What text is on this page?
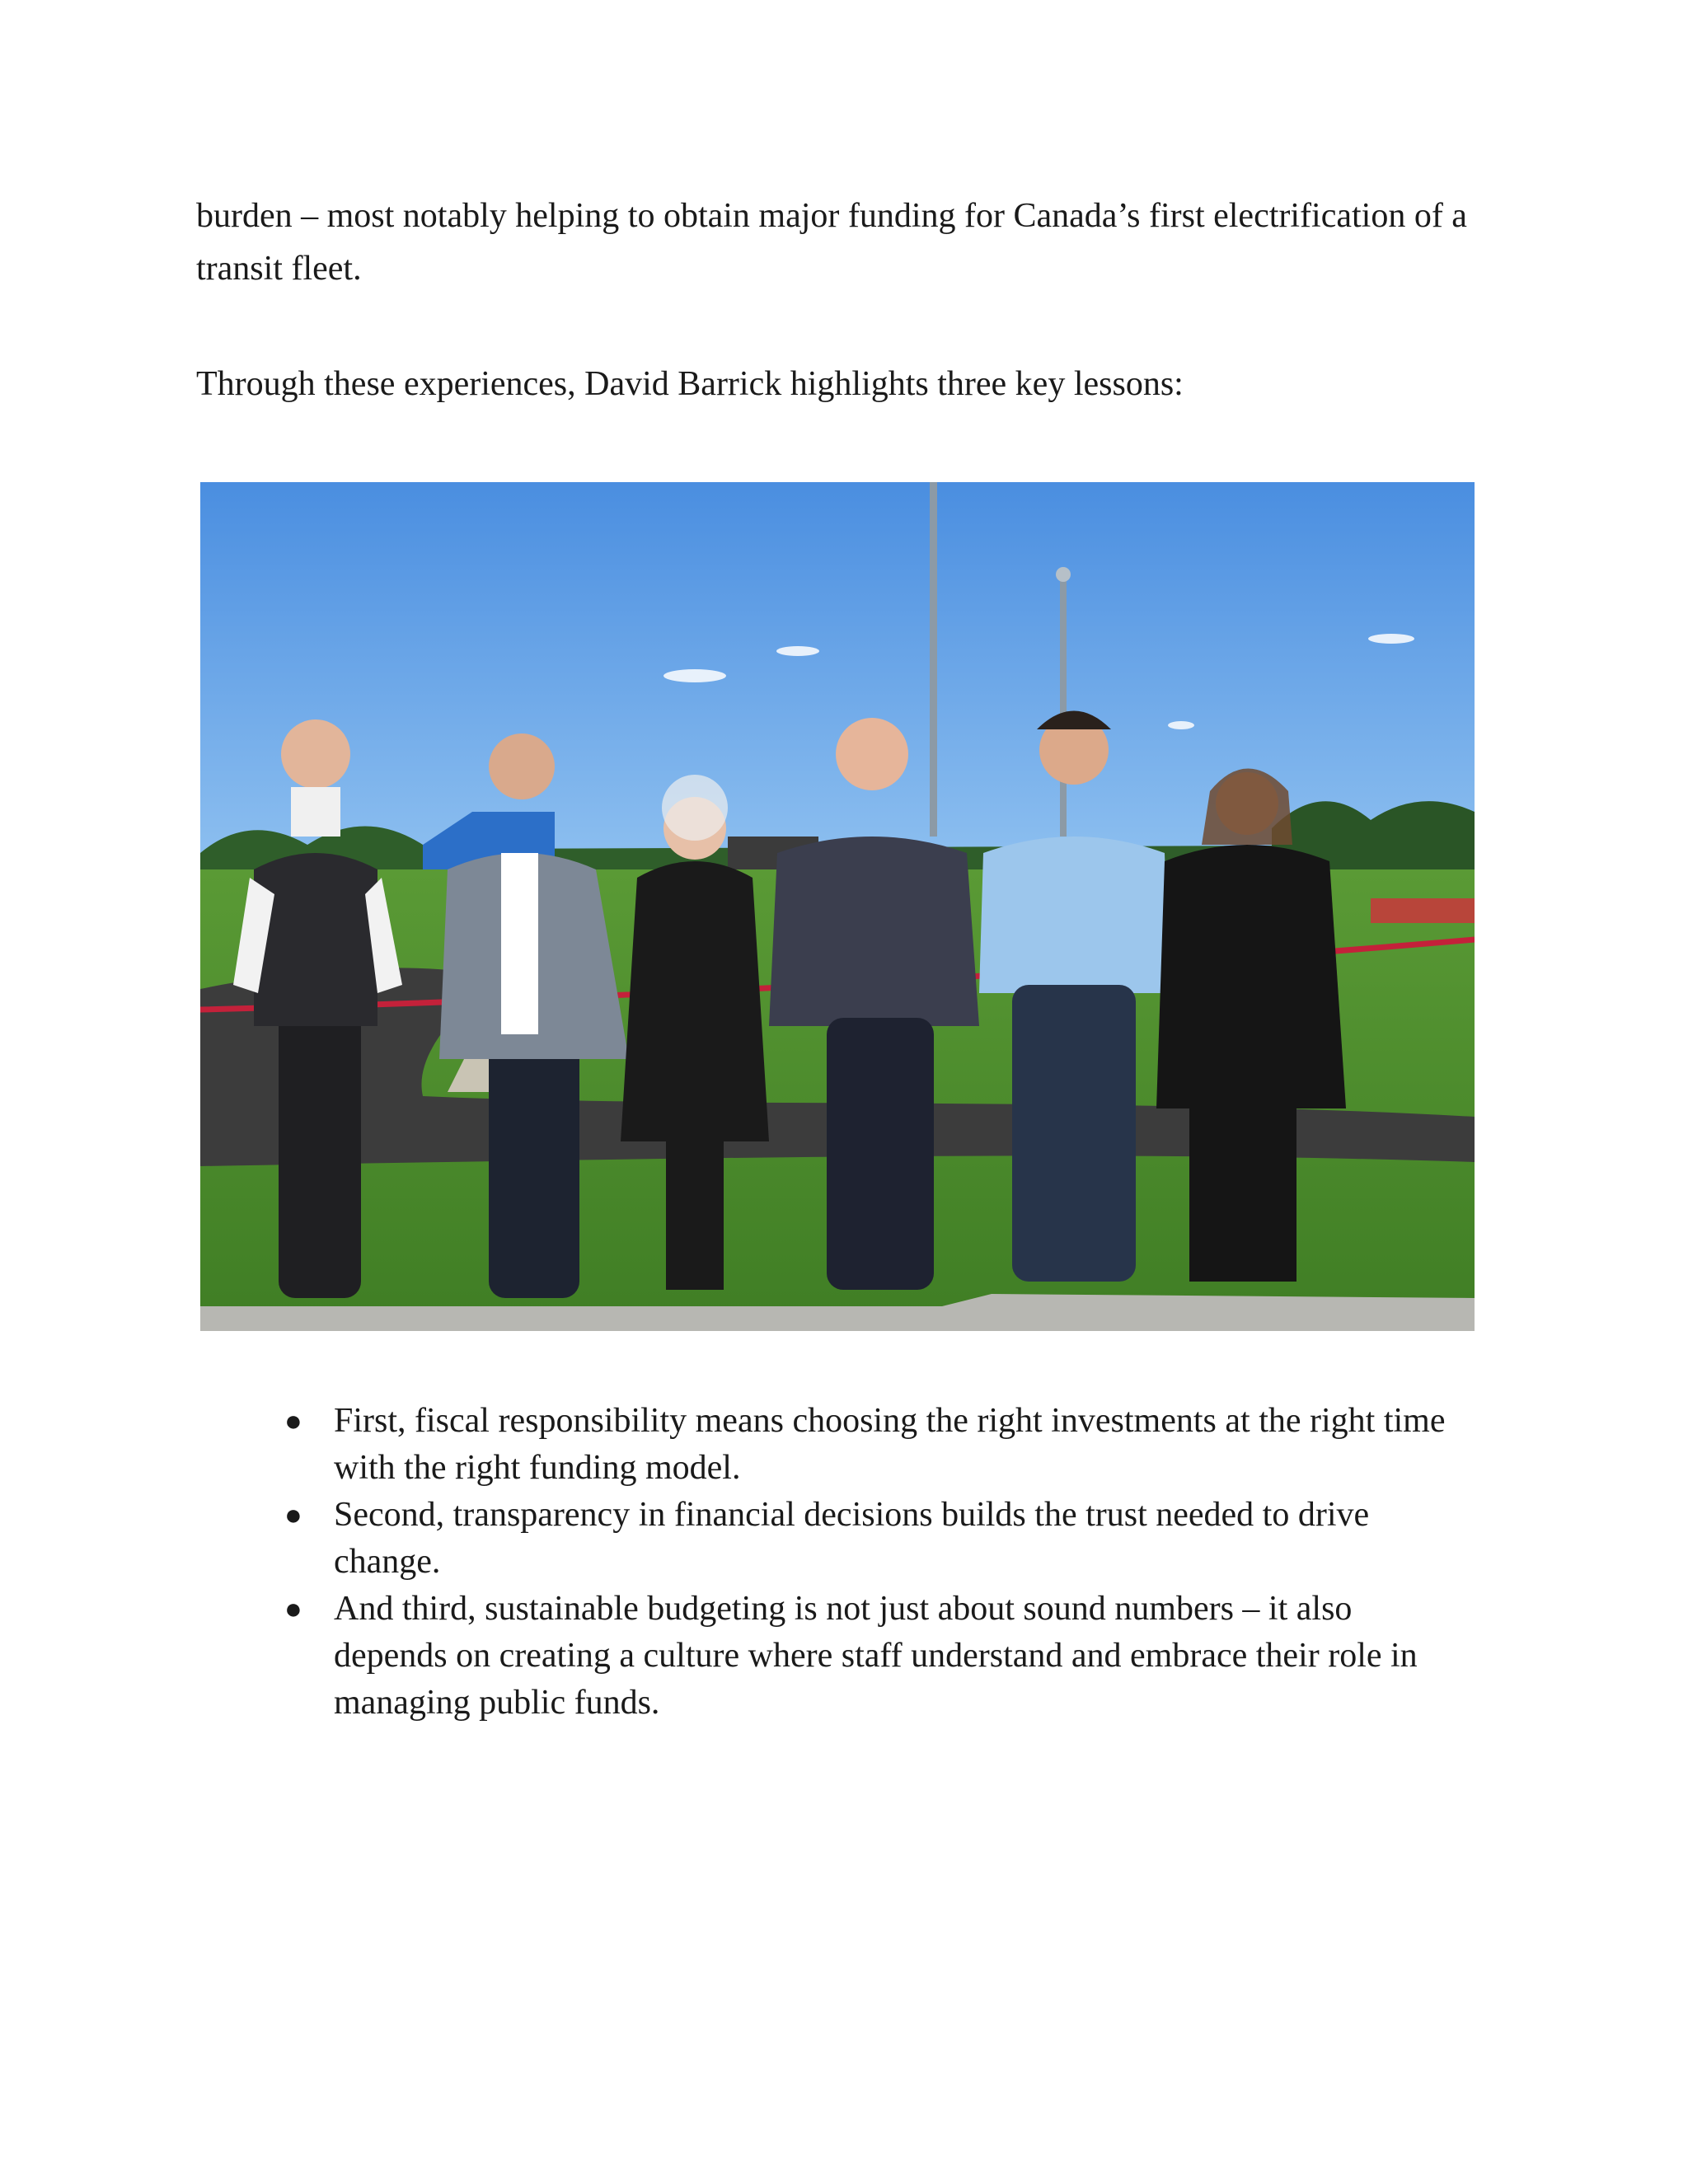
burden – most notably helping to obtain major funding for Canada’s first electrification of a transit fleet.

Through these experiences, David Barrick highlights three key lessons:

● First, fiscal responsibility means choosing the right investments at the right time with the right funding model.
● Second, transparency in financial decisions builds the trust needed to drive change.
● And third, sustainable budgeting is not just about sound numbers – it also depends on creating a culture where staff understand and embrace their role in managing public funds.
